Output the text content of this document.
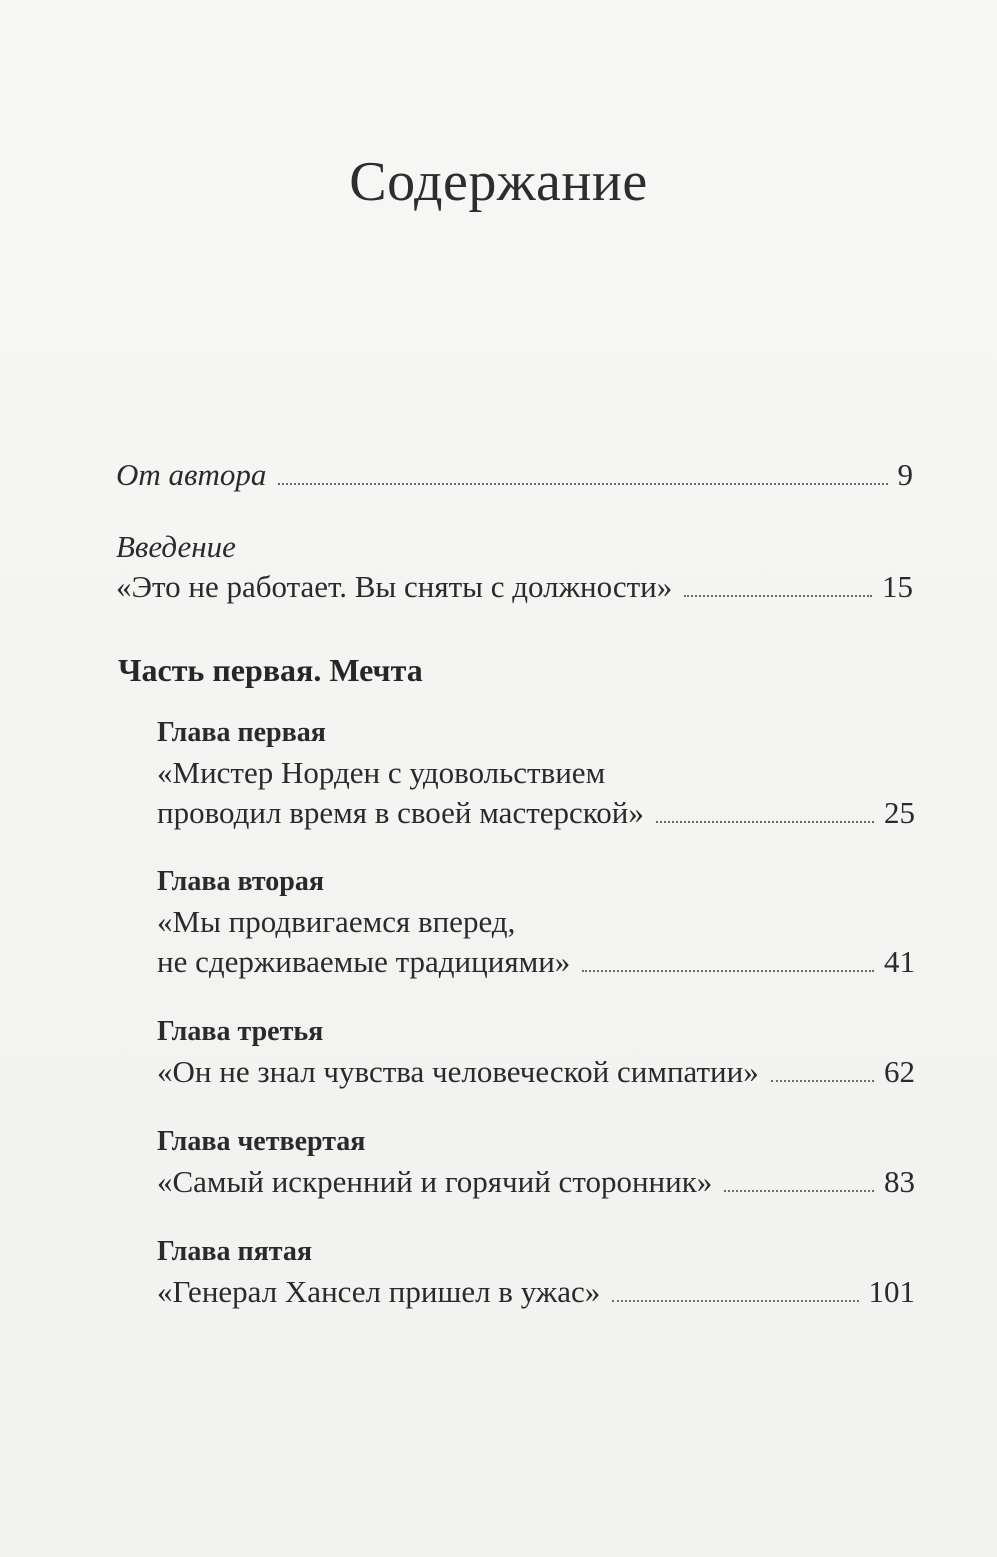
Содержание
От автора	9
Введение
«Это не работает. Вы сняты с должности»	15
Часть первая. Мечта
Глава первая
«Мистер Норден с удовольствием
проводил время в своей мастерской»	25
Глава вторая
«Мы продвигаемся вперед,
не сдерживаемые традициями»	41
Глава третья
«Он не знал чувства человеческой симпатии»	62
Глава четвертая
«Самый искренний и горячий сторонник»	83
Глава пятая
«Генерал Хансел пришел в ужас»	101
